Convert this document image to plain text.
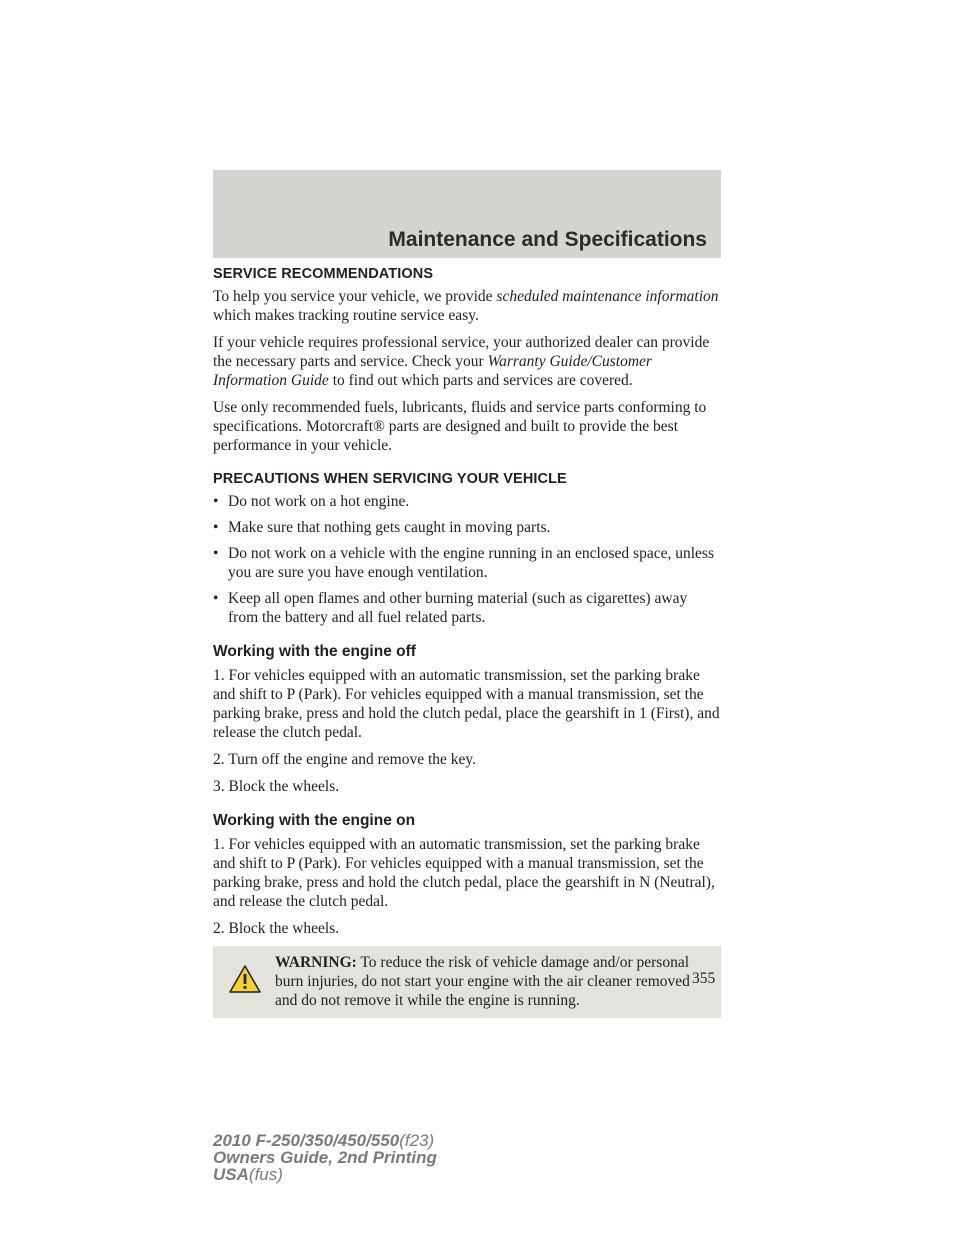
Maintenance and Specifications
SERVICE RECOMMENDATIONS

To help you service your vehicle, we provide scheduled maintenance information which makes tracking routine service easy.

If your vehicle requires professional service, your authorized dealer can provide the necessary parts and service. Check your Warranty Guide/Customer Information Guide to find out which parts and services are covered.

Use only recommended fuels, lubricants, fluids and service parts conforming to specifications. Motorcraft® parts are designed and built to provide the best performance in your vehicle.

PRECAUTIONS WHEN SERVICING YOUR VEHICLE
• Do not work on a hot engine.
• Make sure that nothing gets caught in moving parts.
• Do not work on a vehicle with the engine running in an enclosed space, unless you are sure you have enough ventilation.
• Keep all open flames and other burning material (such as cigarettes) away from the battery and all fuel related parts.
Working with the engine off

1. For vehicles equipped with an automatic transmission, set the parking brake and shift to P (Park). For vehicles equipped with a manual transmission, set the parking brake, press and hold the clutch pedal, place the gearshift in 1 (First), and release the clutch pedal.

2. Turn off the engine and remove the key.

3. Block the wheels.

Working with the engine on

1. For vehicles equipped with an automatic transmission, set the parking brake and shift to P (Park). For vehicles equipped with a manual transmission, set the parking brake, press and hold the clutch pedal, place the gearshift in N (Neutral), and release the clutch pedal.

2. Block the wheels.

WARNING: To reduce the risk of vehicle damage and/or personal burn injuries, do not start your engine with the air cleaner removed and do not remove it while the engine is running.
355
2010 F-250/350/450/550(f23)
Owners Guide, 2nd Printing
USA(fus)
